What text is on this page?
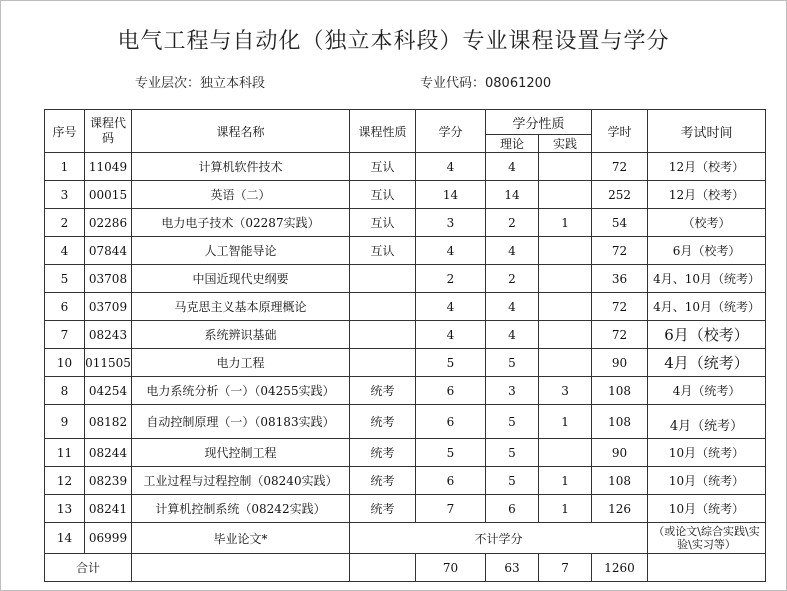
电气工程与自动化（独立本科段）专业课程设置与学分
专业层次：独立本科段	专业代码：08061200
序号	课程代码	课程名称	课程性质	学分	学分性质		学时	考试时间
					理论	实践		
1	11049	计算机软件技术	互认	4	4		72	12月（校考）
3	00015	英语（二）	互认	14	14		252	12月（校考）
2	02286	电力电子技术（02287实践）	互认	3	2	1	54	（校考）
4	07844	人工智能导论	互认	4	4		72	6月（校考）
5	03708	中国近现代史纲要		2	2		36	4月、10月（统考）
6	03709	马克思主义基本原理概论		4	4		72	4月、10月（统考）
7	08243	系统辨识基础		4	4		72	6月（校考）
10	011505	电力工程		5	5		90	4月（统考）
8	04254	电力系统分析（一）（04255实践）	统考	6	3	3	108	4月（统考）
9	08182	自动控制原理（一）（08183实践）	统考	6	5	1	108	4月（统考）
11	08244	现代控制工程	统考	5	5		90	10月（统考）
12	08239	工业过程与过程控制（08240实践）	统考	6	5	1	108	10月（统考）
13	08241	计算机控制系统（08242实践）	统考	7	6	1	126	10月（统考）
14	06999	毕业论文*	不计学分					（或论文\综合实践\实验\实习等）
合计				70	63	7	1260	
